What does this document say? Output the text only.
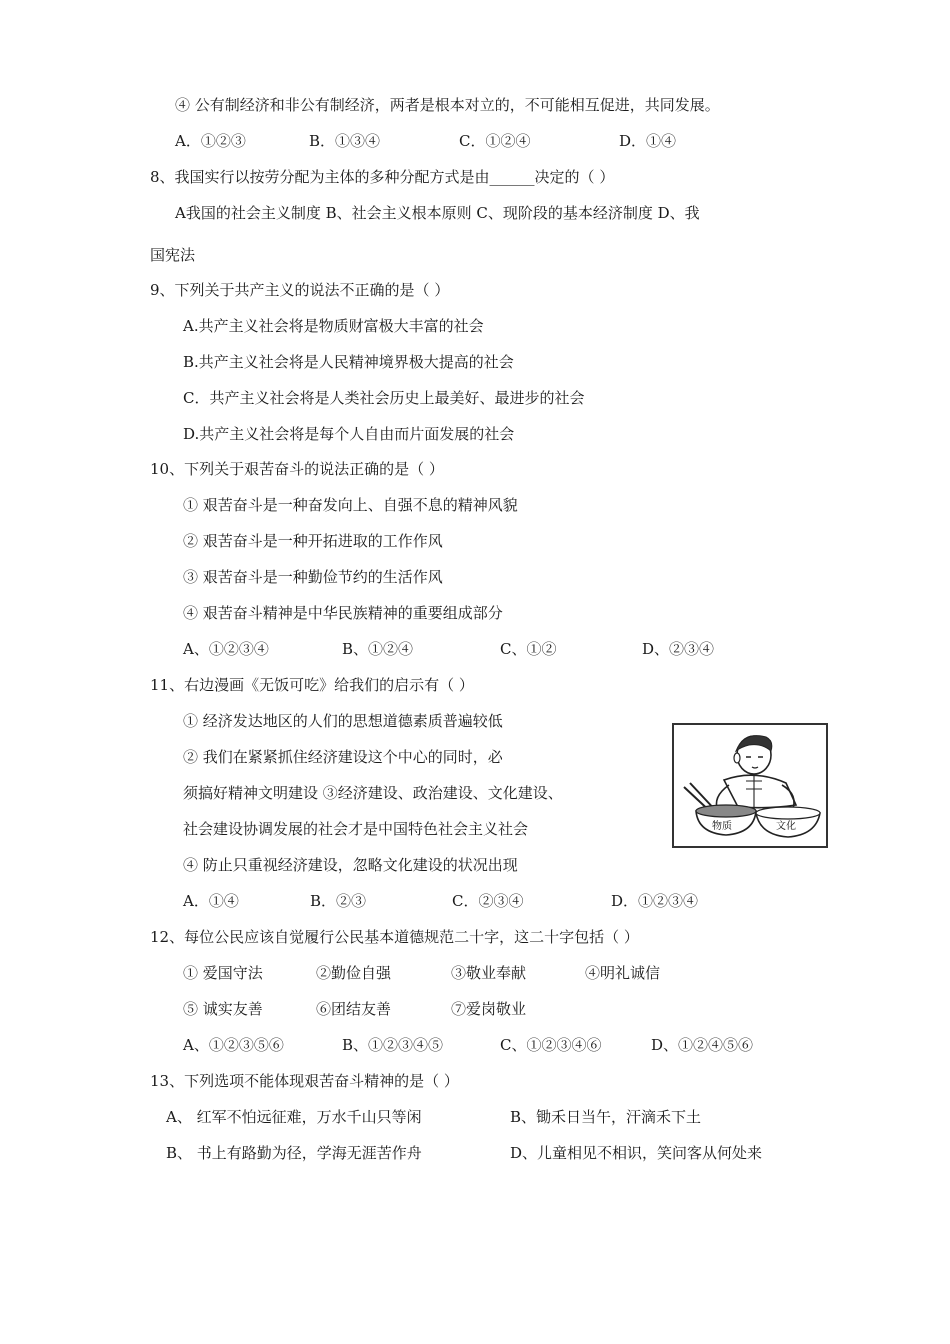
④ 公有制经济和非公有制经济，两者是根本对立的，不可能相互促进，共同发展。
A．①②③	B．①③④	C．①②④	D．①④
8、我国实行以按劳分配为主体的多种分配方式是由______决定的（ ）
A我国的社会主义制度 B、社会主义根本原则 C、现阶段的基本经济制度 D、我
国宪法
9、下列关于共产主义的说法不正确的是（ ）
A.共产主义社会将是物质财富极大丰富的社会
B.共产主义社会将是人民精神境界极大提高的社会
C．共产主义社会将是人类社会历史上最美好、最进步的社会
D.共产主义社会将是每个人自由而片面发展的社会
10、下列关于艰苦奋斗的说法正确的是（ ）
① 艰苦奋斗是一种奋发向上、自强不息的精神风貌
② 艰苦奋斗是一种开拓进取的工作作风
③ 艰苦奋斗是一种勤俭节约的生活作风
④ 艰苦奋斗精神是中华民族精神的重要组成部分
A、①②③④	B、①②④	C、①②	D、②③④
11、右边漫画《无饭可吃》给我们的启示有（ ）
① 经济发达地区的人们的思想道德素质普遍较低
② 我们在紧紧抓住经济建设这个中心的同时，必
须搞好精神文明建设 ③经济建设、政治建设、文化建设、
社会建设协调发展的社会才是中国特色社会主义社会
④ 防止只重视经济建设，忽略文化建设的状况出现
A．①④	B．②③	C．②③④	D．①②③④
物质	文化
12、每位公民应该自觉履行公民基本道德规范二十字，这二十字包括（ ）
① 爱国守法	②勤俭自强	③敬业奉献	④明礼诚信
⑤ 诚实友善	⑥团结友善	⑦爱岗敬业
A、①②③⑤⑥	B、①②③④⑤	C、①②③④⑥	D、①②④⑤⑥
13、下列选项不能体现艰苦奋斗精神的是（ ）
A、 红军不怕远征难，万水千山只等闲	B、锄禾日当午，汗滴禾下土
B、 书上有路勤为径，学海无涯苦作舟	D、儿童相见不相识，笑问客从何处来
